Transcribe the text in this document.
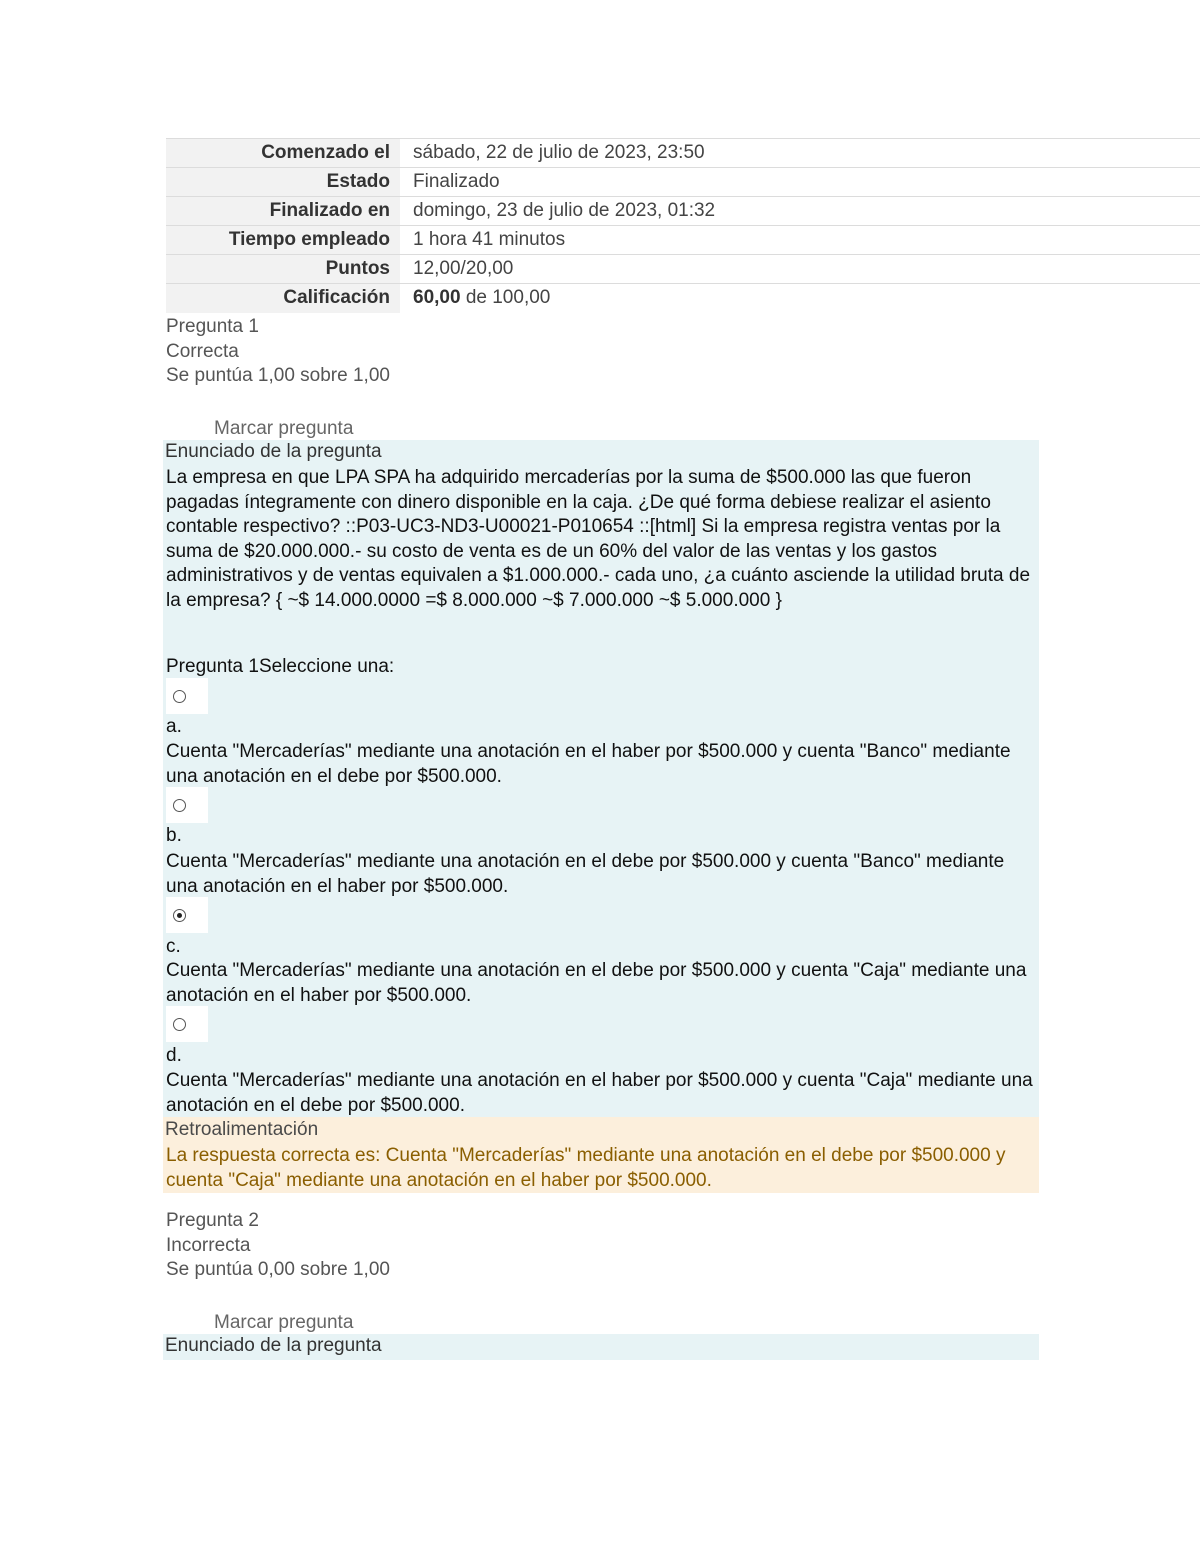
Comenzado el	sábado, 22 de julio de 2023, 23:50
Estado	Finalizado
Finalizado en	domingo, 23 de julio de 2023, 01:32
Tiempo empleado	1 hora 41 minutos
Puntos	12,00/20,00
Calificación	60,00 de 100,00
Pregunta 1
Correcta
Se puntúa 1,00 sobre 1,00
Marcar pregunta
Enunciado de la pregunta
La empresa en que LPA SPA ha adquirido mercaderías por la suma de $500.000 las que fueron pagadas íntegramente con dinero disponible en la caja. ¿De qué forma debiese realizar el asiento contable respectivo? ::P03-UC3-ND3-U00021-P010654 ::[html] Si la empresa registra ventas por la suma de $20.000.000.- su costo de venta es de un 60% del valor de las ventas y los gastos administrativos y de ventas equivalen a $1.000.000.- cada uno, ¿a cuánto asciende la utilidad bruta de la empresa? { ~$ 14.000.0000 =$ 8.000.000 ~$ 7.000.000 ~$ 5.000.000 }
Pregunta 1Seleccione una:
a.
Cuenta "Mercaderías" mediante una anotación en el haber por $500.000 y cuenta "Banco" mediante una anotación en el debe por $500.000.
b.
Cuenta "Mercaderías" mediante una anotación en el debe por $500.000 y cuenta "Banco" mediante una anotación en el haber por $500.000.
c.
Cuenta "Mercaderías" mediante una anotación en el debe por $500.000 y cuenta "Caja" mediante una anotación en el haber por $500.000.
d.
Cuenta "Mercaderías" mediante una anotación en el haber por $500.000 y cuenta "Caja" mediante una anotación en el debe por $500.000.
Retroalimentación
La respuesta correcta es: Cuenta "Mercaderías" mediante una anotación en el debe por $500.000 y cuenta "Caja" mediante una anotación en el haber por $500.000.
Pregunta 2
Incorrecta
Se puntúa 0,00 sobre 1,00
Marcar pregunta
Enunciado de la pregunta
